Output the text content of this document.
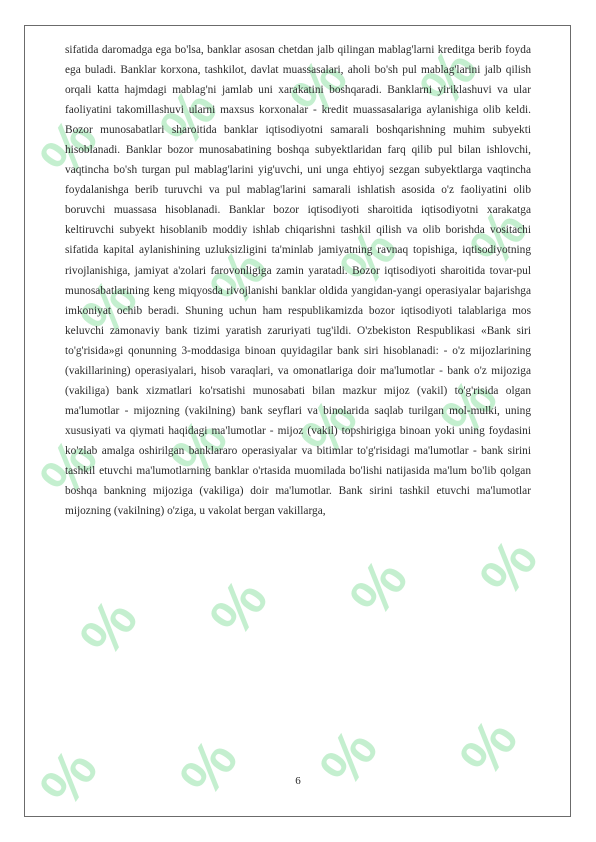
% % % %
% % % %
% % % %
% % % %
% % % %

sifatida daromadga ega bo'lsa, banklar asosan chetdan jalb qilingan mablag'larni kreditga berib foyda ega buladi. Banklar korxona, tashkilot, davlat muassasalari, aholi bo'sh pul mablag'larini jalb qilish orqali katta hajmdagi mablag'ni jamlab uni xarakatini boshqaradi. Banklarni yiriklashuvi va ular faoliyatini takomillashuvi ularni maxsus korxonalar - kredit muassasalariga aylanishiga olib keldi. Bozor munosabatlari sharoitida banklar iqtisodiyotni samarali boshqarishning muhim subyekti hisoblanadi. Banklar bozor munosabatining boshqa subyektlaridan farq qilib pul bilan ishlovchi, vaqtincha bo'sh turgan pul mablag'larini yig'uvchi, uni unga ehtiyoj sezgan subyektlarga vaqtincha foydalanishga berib turuvchi va pul mablag'larini samarali ishlatish asosida o'z faoliyatini olib boruvchi muassasa hisoblanadi. Banklar bozor iqtisodiyoti sharoitida iqtisodiyotni xarakatga keltiruvchi subyekt hisoblanib moddiy ishlab chiqarishni tashkil qilish va olib borishda vositachi sifatida kapital aylanishining uzluksizligini ta'minlab jamiyatning ravnaq topishiga, iqtisodiyotning rivojlanishiga, jamiyat a'zolari farovonligiga zamin yaratadi. Bozor iqtisodiyoti sharoitida tovar-pul munosabatlarining keng miqyosda rivojlanishi banklar oldida yangidan-yangi operasiyalar bajarishga imkoniyat ochib beradi. Shuning uchun ham respublikamizda bozor iqtisodiyoti talablariga mos keluvchi zamonaviy bank tizimi yaratish zaruriyati tug'ildi. O'zbekiston Respublikasi «Bank siri to'g'risida»gi qonunning 3-moddasiga binoan quyidagilar bank siri hisoblanadi: - o'z mijozlarining (vakillarining) operasiyalari, hisob varaqlari, va omonatlariga doir ma'lumotlar - bank o'z mijoziga (vakiliga) bank xizmatlari ko'rsatishi munosabati bilan mazkur mijoz (vakil) to'g'risida olgan ma'lumotlar - mijozning (vakilning) bank seyflari va binolarida saqlab turilgan mol-mulki, uning xususiyati va qiymati haqidagi ma'lumotlar - mijoz (vakil) topshirigiga binoan yoki uning foydasini ko'zlab amalga oshirilgan banklararo operasiyalar va bitimlar to'g'risidagi ma'lumotlar - bank sirini tashkil etuvchi ma'lumotlarning banklar o'rtasida muomilada bo'lishi natijasida ma'lum bo'lib qolgan boshqa bankning mijoziga (vakiliga) doir ma'lumotlar. Bank sirini tashkil etuvchi ma'lumotlar mijozning (vakilning) o'ziga, u vakolat bergan vakillarga,

6
